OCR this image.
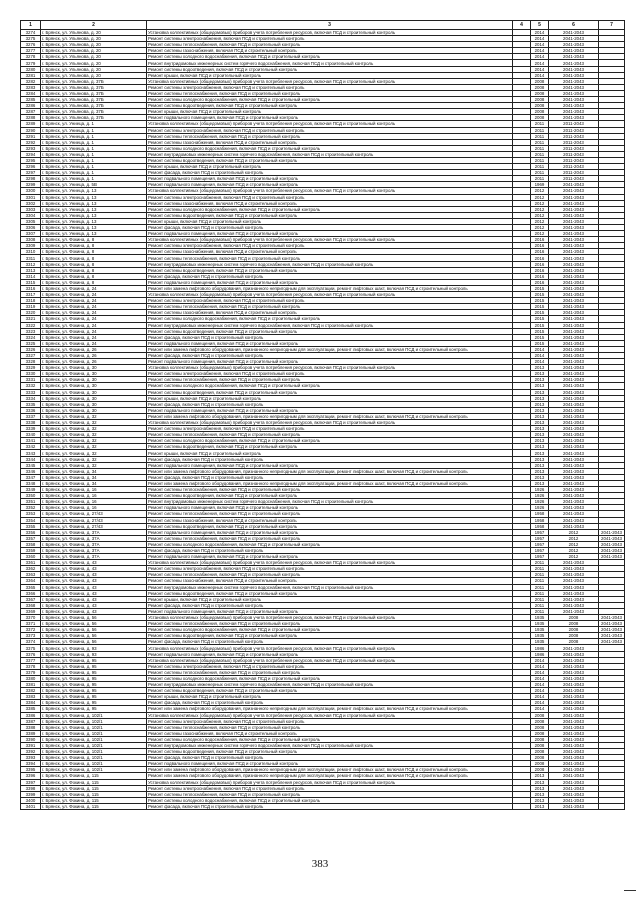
1	2	3	4	5	6	7
3274	г. Брянск, ул. Ульянова, д. 20	Установка коллективных (общедомовых) приборов учета потребления ресурсов, включая ПСД и строительный контроль		2014	2041-2043	
3275	г. Брянск, ул. Ульянова, д. 20	Ремонт системы электроснабжения, включая ПСД и строительный контроль		2014	2041-2043	
3276	г. Брянск, ул. Ульянова, д. 20	Ремонт системы теплоснабжения, включая ПСД и строительный контроль		2014	2041-2043	
3277	г. Брянск, ул. Ульянова, д. 20	Ремонт системы газоснабжения, включая ПСД и строительный контроль		2014	2041-2043	
3278	г. Брянск, ул. Ульянова, д. 20	Ремонт системы холодного водоснабжения, включая ПСД и строительный контроль		2014	2041-2043	
3279	г. Брянск, ул. Ульянова, д. 20	Ремонт внутридомовых инженерных систем горячего водоснабжения, включая ПСД и строительный контроль		2014	2041-2043	
3280	г. Брянск, ул. Ульянова, д. 20	Ремонт системы водоотведения, включая ПСД и строительный контроль		2014	2041-2043	
3281	г. Брянск, ул. Ульянова, д. 20	Ремонт крыши, включая ПСД и строительный контроль		2014	2041-2043	
3282	г. Брянск, ул. Ульянова, д. 37Б	Установка коллективных (общедомовых) приборов учета потребления ресурсов, включая ПСД и строительный контроль		2008	2041-2043	
3283	г. Брянск, ул. Ульянова, д. 37Б	Ремонт системы электроснабжения, включая ПСД и строительный контроль		2008	2041-2043	
3284	г. Брянск, ул. Ульянова, д. 37Б	Ремонт системы теплоснабжения, включая ПСД и строительный контроль		2008	2041-2043	
3285	г. Брянск, ул. Ульянова, д. 37Б	Ремонт системы холодного водоснабжения, включая ПСД и строительный контроль		2008	2041-2043	
3286	г. Брянск, ул. Ульянова, д. 37Б	Ремонт системы водоотведения, включая ПСД и строительный контроль		2008	2041-2043	
3287	г. Брянск, ул. Ульянова, д. 37Б	Ремонт крыши, включая ПСД и строительный контроль		2008	2041-2043	
3288	г. Брянск, ул. Ульянова, д. 37Б	Ремонт подвального помещения, включая ПСД и строительный контроль		2008	2041-2043	
3289	г. Брянск, ул. Униеца, д. 1	Установка коллективных (общедомовых) приборов учета потребления ресурсов, включая ПСД и строительный контроль		2011	2011-2043	
3290	г. Брянск, ул. Униеца, д. 1	Ремонт системы электроснабжения, включая ПСД и строительный контроль		2011	2011-2043	
3291	г. Брянск, ул. Униеца, д. 1	Ремонт системы теплоснабжения, включая ПСД и строительный контроль		2011	2011-2043	
3292	г. Брянск, ул. Униеца, д. 1	Ремонт системы газоснабжения, включая ПСД и строительный контроль		2011	2011-2043	
3293	г. Брянск, ул. Униеца, д. 1	Ремонт системы холодного водоснабжения, включая ПСД и строительный контроль		2011	2011-2043	
3294	г. Брянск, ул. Униеца, д. 1	Ремонт внутридомовых инженерных систем горячего водоснабжения, включая ПСД и строительный контроль		2011	2011-2043	
3295	г. Брянск, ул. Униеца, д. 1	Ремонт системы водоотведения, включая ПСД и строительный контроль		2011	2011-2043	
3296	г. Брянск, ул. Униеца, д. 1	Ремонт крыши, включая ПСД и строительный контроль		2011	2011-2043	
3297	г. Брянск, ул. Униеца, д. 1	Ремонт фасада, включая ПСД и строительный контроль		2011	2011-2043	
3298	г. Брянск, ул. Униеца, д. 1	Ремонт подвального помещения, включая ПСД и строительный контроль		2011	2011-2043	
3299	г. Брянск, ул. Униеца, д. 5В	Ремонт подвального помещения, включая ПСД и строительный контроль		1969	2041-2043	
3300	г. Брянск, ул. Униеца, д. 13	Установка коллективных (общедомовых) приборов учета потребления ресурсов, включая ПСД и строительный контроль		2012	2041-2043	
3301	г. Брянск, ул. Униеца, д. 13	Ремонт системы электроснабжения, включая ПСД и строительный контроль		2012	2041-2043	
3302	г. Брянск, ул. Униеца, д. 13	Ремонт системы газоснабжения, включая ПСД и строительный контроль		2012	2041-2043	
3303	г. Брянск, ул. Униеца, д. 13	Ремонт системы холодного водоснабжения, включая ПСД и строительный контроль		2012	2041-2043	
3304	г. Брянск, ул. Униеца, д. 13	Ремонт системы водоотведения, включая ПСД и строительный контроль		2012	2041-2043	
3305	г. Брянск, ул. Униеца, д. 13	Ремонт крыши, включая ПСД и строительный контроль		2012	2041-2043	
3306	г. Брянск, ул. Униеца, д. 13	Ремонт фасада, включая ПСД и строительный контроль		2012	2041-2043	
3307	г. Брянск, ул. Униеца, д. 13	Ремонт подвального помещения, включая ПСД и строительный контроль		2012	2041-2043	
3308	г. Брянск, ул. Фокина, д. 8	Установка коллективных (общедомовых) приборов учета потребления ресурсов, включая ПСД и строительный контроль		2016	2041-2043	
3309	г. Брянск, ул. Фокина, д. 8	Ремонт системы электроснабжения, включая ПСД и строительный контроль		2016	2041-2043	
3310	г. Брянск, ул. Фокина, д. 8	Ремонт системы газоснабжения, включая ПСД и строительный контроль		2016	2041-2043	
3311	г. Брянск, ул. Фокина, д. 8	Ремонт системы теплоснабжения, включая ПСД и строительный контроль		2016	2041-2043	
3312	г. Брянск, ул. Фокина, д. 8	Ремонт внутридомовых инженерных систем горячего водоснабжения, включая ПСД и строительный контроль		2016	2041-2043	
3313	г. Брянск, ул. Фокина, д. 8	Ремонт системы водоотведения, включая ПСД и строительный контроль		2016	2041-2043	
3314	г. Брянск, ул. Фокина, д. 8	Ремонт фасада, включая ПСД и строительный контроль		2016	2041-2043	
3315	г. Брянск, ул. Фокина, д. 8	Ремонт подвального помещения, включая ПСД и строительный контроль		2016	2041-2043	
3316	г. Брянск, ул. Фокина, д. 24	Ремонт или замена лифтового оборудования, признанного непригодным для эксплуатации, ремонт лифтовых шахт, включая ПСД и строительный контроль		2015	2041-2043	
3317	г. Брянск, ул. Фокина, д. 24	Установка коллективных (общедомовых) приборов учета потребления ресурсов, включая ПСД и строительный контроль		2015	2041-2043	
3318	г. Брянск, ул. Фокина, д. 24	Ремонт системы электроснабжения, включая ПСД и строительный контроль		2015	2041-2043	
3319	г. Брянск, ул. Фокина, д. 24	Ремонт системы теплоснабжения, включая ПСД и строительный контроль		2015	2041-2043	
3320	г. Брянск, ул. Фокина, д. 24	Ремонт системы газоснабжения, включая ПСД и строительный контроль		2015	2041-2043	
3321	г. Брянск, ул. Фокина, д. 24	Ремонт системы холодного водоснабжения, включая ПСД и строительный контроль		2015	2041-2043	
3322	г. Брянск, ул. Фокина, д. 24	Ремонт внутридомовых инженерных систем горячего водоснабжения, включая ПСД и строительный контроль		2015	2041-2043	
3323	г. Брянск, ул. Фокина, д. 24	Ремонт системы водоотведения, включая ПСД и строительный контроль		2015	2041-2043	
3324	г. Брянск, ул. Фокина, д. 24	Ремонт фасада, включая ПСД и строительный контроль		2015	2041-2043	
3325	г. Брянск, ул. Фокина, д. 24	Ремонт подвального помещения, включая ПСД и строительный контроль		2015	2041-2043	
3326	г. Брянск, ул. Фокина, д. 26	Ремонт или замена лифтового оборудования, признанного непригодным для эксплуатации, ремонт лифтовых шахт, включая ПСД и строительный контроль		2014	2041-2043	
3327	г. Брянск, ул. Фокина, д. 26	Ремонт фасада, включая ПСД и строительный контроль		2014	2041-2043	
3328	г. Брянск, ул. Фокина, д. 26	Ремонт подвального помещения, включая ПСД и строительный контроль		2014	2041-2043	
3329	г. Брянск, ул. Фокина, д. 30	Установка коллективных (общедомовых) приборов учета потребления ресурсов, включая ПСД и строительный контроль		2013	2041-2043	
3330	г. Брянск, ул. Фокина, д. 30	Ремонт системы электроснабжения, включая ПСД и строительный контроль		2013	2041-2043	
3331	г. Брянск, ул. Фокина, д. 30	Ремонт системы теплоснабжения, включая ПСД и строительный контроль		2013	2041-2043	
3332	г. Брянск, ул. Фокина, д. 30	Ремонт системы холодного водоснабжения, включая ПСД и строительный контроль		2013	2041-2043	
3333	г. Брянск, ул. Фокина, д. 30	Ремонт системы водоотведения, включая ПСД и строительный контроль		2013	2041-2043	
3334	г. Брянск, ул. Фокина, д. 30	Ремонт крыши, включая ПСД и строительный контроль		2013	2041-2043	
3335	г. Брянск, ул. Фокина, д. 30	Ремонт фасада, включая ПСД и строительный контроль		2013	2041-2043	
3336	г. Брянск, ул. Фокина, д. 30	Ремонт подвального помещения, включая ПСД и строительный контроль		2013	2041-2043	
3337	г. Брянск, ул. Фокина, д. 32	Ремонт или замена лифтового оборудования, признанного непригодным для эксплуатации, ремонт лифтовых шахт, включая ПСД и строительный контроль		2013	2041-2043	
3338	г. Брянск, ул. Фокина, д. 32	Установка коллективных (общедомовых) приборов учета потребления ресурсов, включая ПСД и строительный контроль		2013	2041-2043	
3339	г. Брянск, ул. Фокина, д. 32	Ремонт системы электроснабжения, включая ПСД и строительный контроль		2013	2041-2043	
3340	г. Брянск, ул. Фокина, д. 32	Ремонт системы теплоснабжения, включая ПСД и строительный контроль		2013	2041-2043	
3341	г. Брянск, ул. Фокина, д. 32	Ремонт системы холодного водоснабжения, включая ПСД и строительный контроль		2013	2041-2043	
3342	г. Брянск, ул. Фокина, д. 32	Ремонт системы водоотведения, включая ПСД и строительный контроль		2013	2041-2043	
3343	г. Брянск, ул. Фокина, д. 32	Ремонт крыши, включая ПСД и строительный контроль		2013	2041-2043	
3344	г. Брянск, ул. Фокина, д. 32	Ремонт фасада, включая ПСД и строительный контроль		2013	2041-2043	
3345	г. Брянск, ул. Фокина, д. 32	Ремонт подвального помещения, включая ПСД и строительный контроль		2013	2041-2043	
3346	г. Брянск, ул. Фокина, д. 34	Ремонт или замена лифтового оборудования, признанного непригодным для эксплуатации, ремонт лифтовых шахт, включая ПСД и строительный контроль		2013	2041-2043	
3347	г. Брянск, ул. Фокина, д. 34	Ремонт фасада, включая ПСД и строительный контроль		2013	2041-2043	
3348	г. Брянск, ул. Фокина, д. 34	Ремонт или замена лифтового оборудования, признанного непригодным для эксплуатации, ремонт лифтовых шахт, включая ПСД и строительный контроль		2013	2041-2043	
3349	г. Брянск, ул. Фокина, д. 16	Ремонт системы теплоснабжения, включая ПСД и строительный контроль		1926	2041-2043	
3350	г. Брянск, ул. Фокина, д. 16	Ремонт системы водоотведения, включая ПСД и строительный контроль		1926	2041-2043	
3351	г. Брянск, ул. Фокина, д. 16	Ремонт внутридомовых инженерных систем горячего водоснабжения, включая ПСД и строительный контроль		1926	2041-2043	
3352	г. Брянск, ул. Фокина, д. 16	Ремонт подвального помещения, включая ПСД и строительный контроль		1926	2041-2043	
3353	г. Брянск, ул. Фокина, д. 27/43	Ремонт системы теплоснабжения, включая ПСД и строительный контроль		1958	2041-2043	
3354	г. Брянск, ул. Фокина, д. 27/43	Ремонт системы газоснабжения, включая ПСД и строительный контроль		1958	2041-2043	
3355	г. Брянск, ул. Фокина, д. 27/43	Ремонт системы водоотведения, включая ПСД и строительный контроль		1958	2041-2043	
3356	г. Брянск, ул. Фокина, д. 37А	Ремонт подвального помещения, включая ПСД и строительный контроль		1957	2012	2041-2043
3357	г. Брянск, ул. Фокина, д. 37А	Ремонт системы теплоснабжения, включая ПСД и строительный контроль		1957	2012	2041-2043
3358	г. Брянск, ул. Фокина, д. 37А	Ремонт системы холодного водоснабжения, включая ПСД и строительный контроль		1957	2012	2041-2043
3359	г. Брянск, ул. Фокина, д. 37А	Ремонт фасада, включая ПСД и строительный контроль		1957	2012	2041-2043
3360	г. Брянск, ул. Фокина, д. 37А	Ремонт подвального помещения, включая ПСД и строительный контроль		1957	2012	2041-2043
3361	г. Брянск, ул. Фокина, д. 43	Установка коллективных (общедомовых) приборов учета потребления ресурсов, включая ПСД и строительный контроль		2011	2041-2043	
3362	г. Брянск, ул. Фокина, д. 43	Ремонт системы электроснабжения, включая ПСД и строительный контроль		2011	2041-2043	
3363	г. Брянск, ул. Фокина, д. 43	Ремонт системы теплоснабжения, включая ПСД и строительный контроль		2011	2041-2043	
3364	г. Брянск, ул. Фокина, д. 43	Ремонт системы газоснабжения, включая ПСД и строительный контроль		2011	2041-2043	
3365	г. Брянск, ул. Фокина, д. 43	Ремонт внутридомовых инженерных систем горячего водоснабжения, включая ПСД и строительный контроль		2011	2041-2043	
3366	г. Брянск, ул. Фокина, д. 43	Ремонт системы водоотведения, включая ПСД и строительный контроль		2011	2041-2043	
3367	г. Брянск, ул. Фокина, д. 43	Ремонт крыши, включая ПСД и строительный контроль		2011	2041-2043	
3368	г. Брянск, ул. Фокина, д. 43	Ремонт фасада, включая ПСД и строительный контроль		2011	2041-2043	
3369	г. Брянск, ул. Фокина, д. 43	Ремонт подвального помещения, включая ПСД и строительный контроль		2011	2041-2043	
3370	г. Брянск, ул. Фокина, д. 56	Установка коллективных (общедомовых) приборов учета потребления ресурсов, включая ПСД и строительный контроль		1935	2008	2041-2043
3371	г. Брянск, ул. Фокина, д. 56	Ремонт системы теплоснабжения, включая ПСД и строительный контроль		1935	2008	2041-2043
3372	г. Брянск, ул. Фокина, д. 56	Ремонт системы холодного водоснабжения, включая ПСД и строительный контроль		1935	2008	2041-2043
3373	г. Брянск, ул. Фокина, д. 56	Ремонт системы водоотведения, включая ПСД и строительный контроль		1935	2008	2041-2043
3374	г. Брянск, ул. Фокина, д. 56	Ремонт фасада, включая ПСД и строительный контроль		1935	2008	2041-2043
3375	г. Брянск, ул. Фокина, д. 93	Установка коллективных (общедомовых) приборов учета потребления ресурсов, включая ПСД и строительный контроль		1986	2041-2043	
3376	г. Брянск, ул. Фокина, д. 93	Ремонт подвального помещения, включая ПСД и строительный контроль		1986	2041-2043	
3377	г. Брянск, ул. Фокина, д. 95	Установка коллективных (общедомовых) приборов учета потребления ресурсов, включая ПСД и строительный контроль		2014	2041-2043	
3378	г. Брянск, ул. Фокина, д. 95	Ремонт системы электроснабжения, включая ПСД и строительный контроль		2014	2041-2043	
3379	г. Брянск, ул. Фокина, д. 95	Ремонт системы теплоснабжения, включая ПСД и строительный контроль		2014	2041-2043	
3380	г. Брянск, ул. Фокина, д. 95	Ремонт системы холодного водоснабжения, включая ПСД и строительный контроль		2014	2041-2043	
3381	г. Брянск, ул. Фокина, д. 95	Ремонт внутридомовых инженерных систем горячего водоснабжения, включая ПСД и строительный контроль		2014	2041-2043	
3382	г. Брянск, ул. Фокина, д. 95	Ремонт системы водоотведения, включая ПСД и строительный контроль		2014	2041-2043	
3383	г. Брянск, ул. Фокина, д. 95	Ремонт крыши, включая ПСД и строительный контроль		2014	2041-2043	
3384	г. Брянск, ул. Фокина, д. 95	Ремонт фасада, включая ПСД и строительный контроль		2014	2041-2043	
3385	г. Брянск, ул. Фокина, д. 95	Ремонт или замена лифтового оборудования, признанного непригодным для эксплуатации, ремонт лифтовых шахт, включая ПСД и строительный контроль		2014	2041-2043	
3386	г. Брянск, ул. Фокина, д. 102/1	Установка коллективных (общедомовых) приборов учета потребления ресурсов, включая ПСД и строительный контроль		2008	2041-2043	
3387	г. Брянск, ул. Фокина, д. 102/1	Ремонт системы электроснабжения, включая ПСД и строительный контроль		2008	2041-2043	
3388	г. Брянск, ул. Фокина, д. 102/1	Ремонт системы теплоснабжения, включая ПСД и строительный контроль		2008	2041-2043	
3389	г. Брянск, ул. Фокина, д. 102/1	Ремонт системы газоснабжения, включая ПСД и строительный контроль		2008	2041-2043	
3390	г. Брянск, ул. Фокина, д. 102/1	Ремонт системы холодного водоснабжения, включая ПСД и строительный контроль		2008	2041-2043	
3391	г. Брянск, ул. Фокина, д. 102/1	Ремонт внутридомовых инженерных систем горячего водоснабжения, включая ПСД и строительный контроль		2008	2041-2043	
3392	г. Брянск, ул. Фокина, д. 102/1	Ремонт системы водоотведения, включая ПСД и строительный контроль		2008	2041-2043	
3393	г. Брянск, ул. Фокина, д. 102/1	Ремонт фасада, включая ПСД и строительный контроль		2008	2041-2043	
3394	г. Брянск, ул. Фокина, д. 102/1	Ремонт подвального помещения, включая ПСД и строительный контроль		2008	2041-2043	
3395	г. Брянск, ул. Фокина, д. 102/1	Ремонт или замена лифтового оборудования, признанного непригодным для эксплуатации, ремонт лифтовых шахт, включая ПСД и строительный контроль		2008	2041-2043	
3396	г. Брянск, ул. Фокина, д. 115	Ремонт или замена лифтового оборудования, признанного непригодным для эксплуатации, ремонт лифтовых шахт, включая ПСД и строительный контроль		2013	2041-2043	
3397	г. Брянск, ул. Фокина, д. 115	Установка коллективных (общедомовых) приборов учета потребления ресурсов, включая ПСД и строительный контроль		2013	2041-2043	
3398	г. Брянск, ул. Фокина, д. 115	Ремонт системы электроснабжения, включая ПСД и строительный контроль		2013	2041-2043	
3399	г. Брянск, ул. Фокина, д. 115	Ремонт системы теплоснабжения, включая ПСД и строительный контроль		2013	2041-2043	
3400	г. Брянск, ул. Фокина, д. 115	Ремонт системы холодного водоснабжения, включая ПСД и строительный контроль		2013	2041-2043	
3401	г. Брянск, ул. Фокина, д. 115	Ремонт фасада, включая ПСД и строительный контроль		2013	2041-2043	
383
